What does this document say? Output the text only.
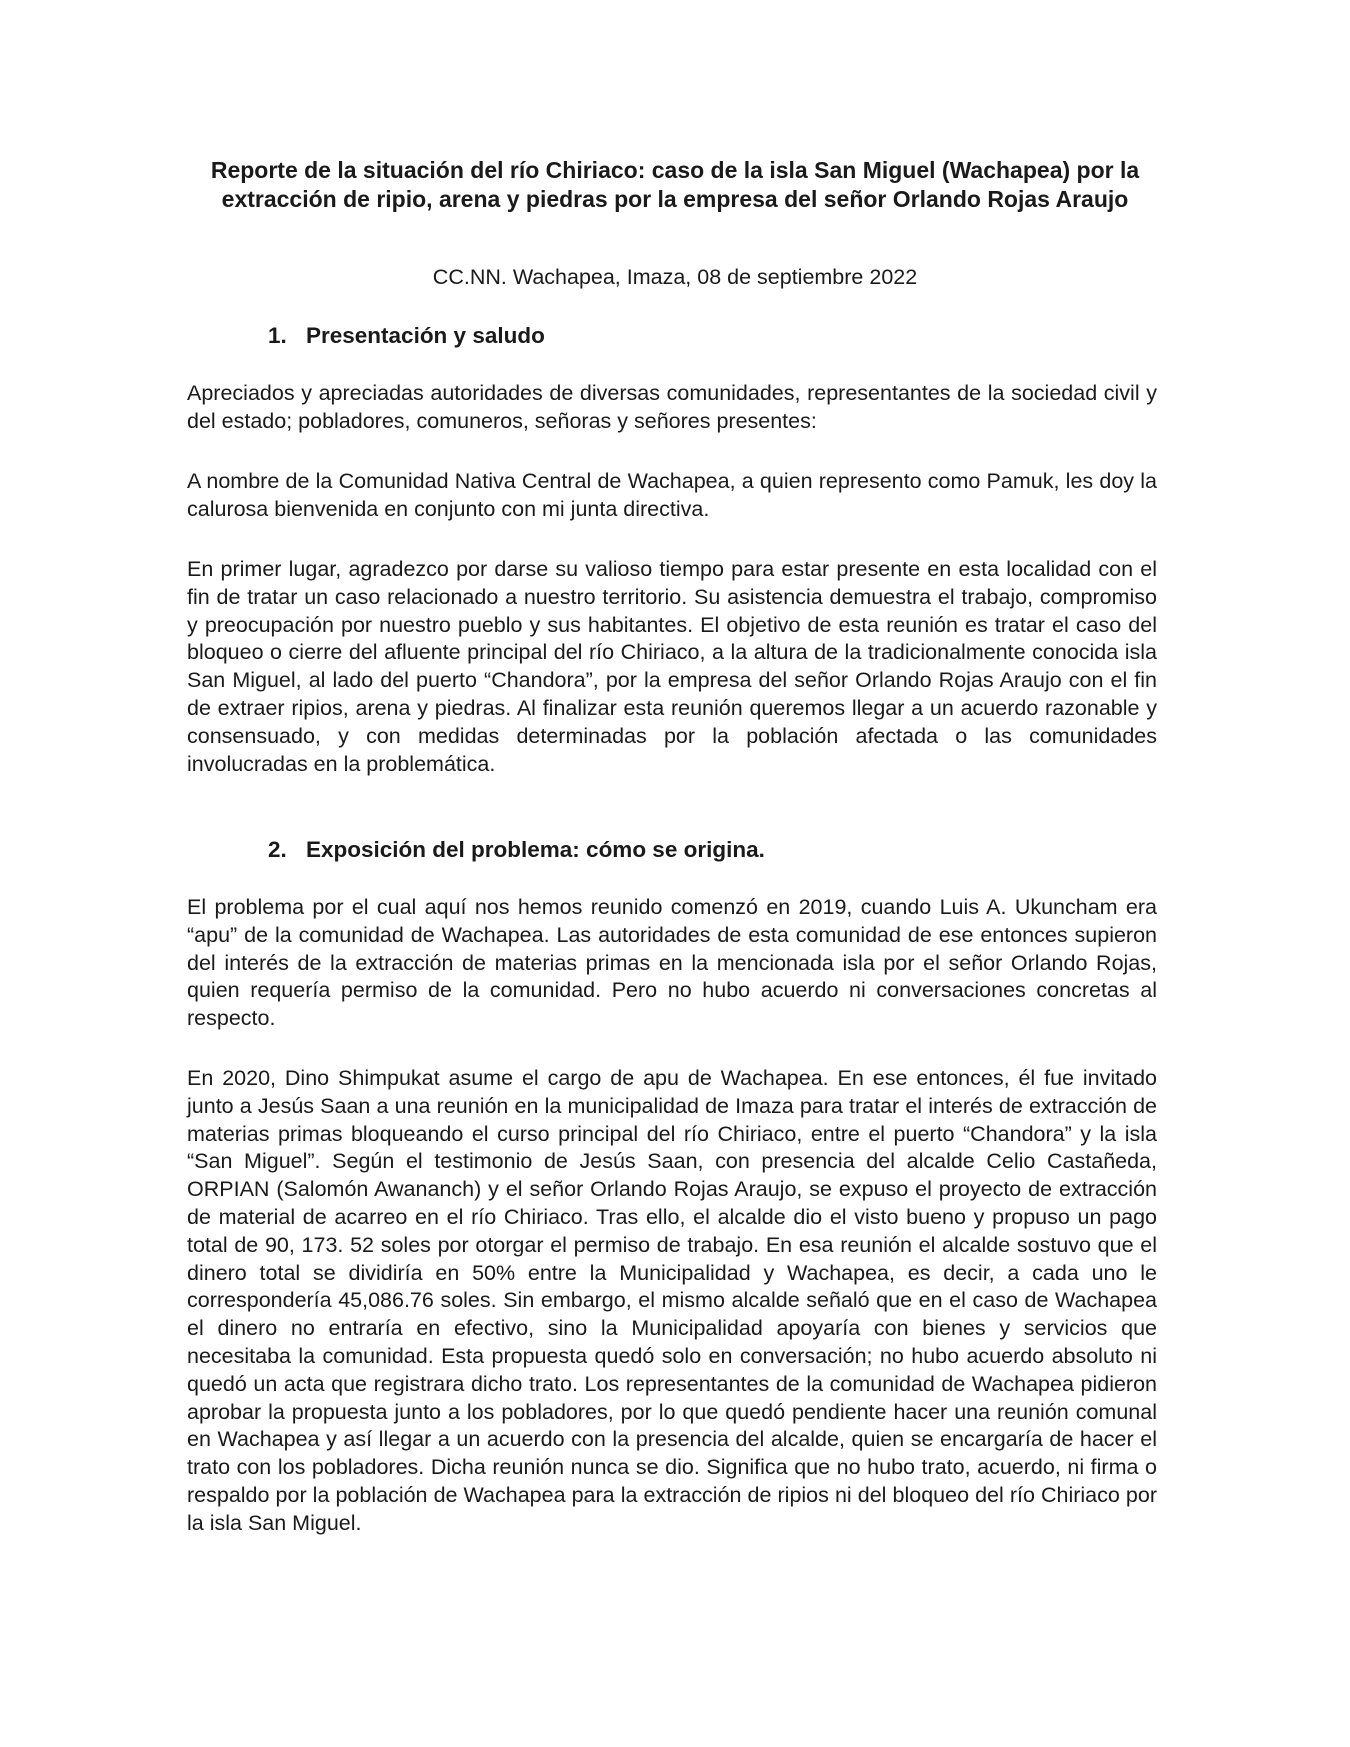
Reporte de la situación del río Chiriaco: caso de la isla San Miguel (Wachapea) por la extracción de ripio, arena y piedras por la empresa del señor Orlando Rojas Araujo

CC.NN. Wachapea, Imaza, 08 de septiembre 2022

1. Presentación y saludo

Apreciados y apreciadas autoridades de diversas comunidades, representantes de la sociedad civil y del estado; pobladores, comuneros, señoras y señores presentes:

A nombre de la Comunidad Nativa Central de Wachapea, a quien represento como Pamuk, les doy la calurosa bienvenida en conjunto con mi junta directiva.

En primer lugar, agradezco por darse su valioso tiempo para estar presente en esta localidad con el fin de tratar un caso relacionado a nuestro territorio. Su asistencia demuestra el trabajo, compromiso y preocupación por nuestro pueblo y sus habitantes. El objetivo de esta reunión es tratar el caso del bloqueo o cierre del afluente principal del río Chiriaco, a la altura de la tradicionalmente conocida isla San Miguel, al lado del puerto “Chandora”, por la empresa del señor Orlando Rojas Araujo con el fin de extraer ripios, arena y piedras. Al finalizar esta reunión queremos llegar a un acuerdo razonable y consensuado, y con medidas determinadas por la población afectada o las comunidades involucradas en la problemática.

2. Exposición del problema: cómo se origina.

El problema por el cual aquí nos hemos reunido comenzó en 2019, cuando Luis A. Ukuncham era “apu” de la comunidad de Wachapea. Las autoridades de esta comunidad de ese entonces supieron del interés de la extracción de materias primas en la mencionada isla por el señor Orlando Rojas, quien requería permiso de la comunidad. Pero no hubo acuerdo ni conversaciones concretas al respecto.

En 2020, Dino Shimpukat asume el cargo de apu de Wachapea. En ese entonces, él fue invitado junto a Jesús Saan a una reunión en la municipalidad de Imaza para tratar el interés de extracción de materias primas bloqueando el curso principal del río Chiriaco, entre el puerto “Chandora” y la isla “San Miguel”. Según el testimonio de Jesús Saan, con presencia del alcalde Celio Castañeda, ORPIAN (Salomón Awananch) y el señor Orlando Rojas Araujo, se expuso el proyecto de extracción de material de acarreo en el río Chiriaco. Tras ello, el alcalde dio el visto bueno y propuso un pago total de 90, 173. 52 soles por otorgar el permiso de trabajo. En esa reunión el alcalde sostuvo que el dinero total se dividiría en 50% entre la Municipalidad y Wachapea, es decir, a cada uno le correspondería 45,086.76 soles. Sin embargo, el mismo alcalde señaló que en el caso de Wachapea el dinero no entraría en efectivo, sino la Municipalidad apoyaría con bienes y servicios que necesitaba la comunidad. Esta propuesta quedó solo en conversación; no hubo acuerdo absoluto ni quedó un acta que registrara dicho trato. Los representantes de la comunidad de Wachapea pidieron aprobar la propuesta junto a los pobladores, por lo que quedó pendiente hacer una reunión comunal en Wachapea y así llegar a un acuerdo con la presencia del alcalde, quien se encargaría de hacer el trato con los pobladores. Dicha reunión nunca se dio. Significa que no hubo trato, acuerdo, ni firma o respaldo por la población de Wachapea para la extracción de ripios ni del bloqueo del río Chiriaco por la isla San Miguel.
